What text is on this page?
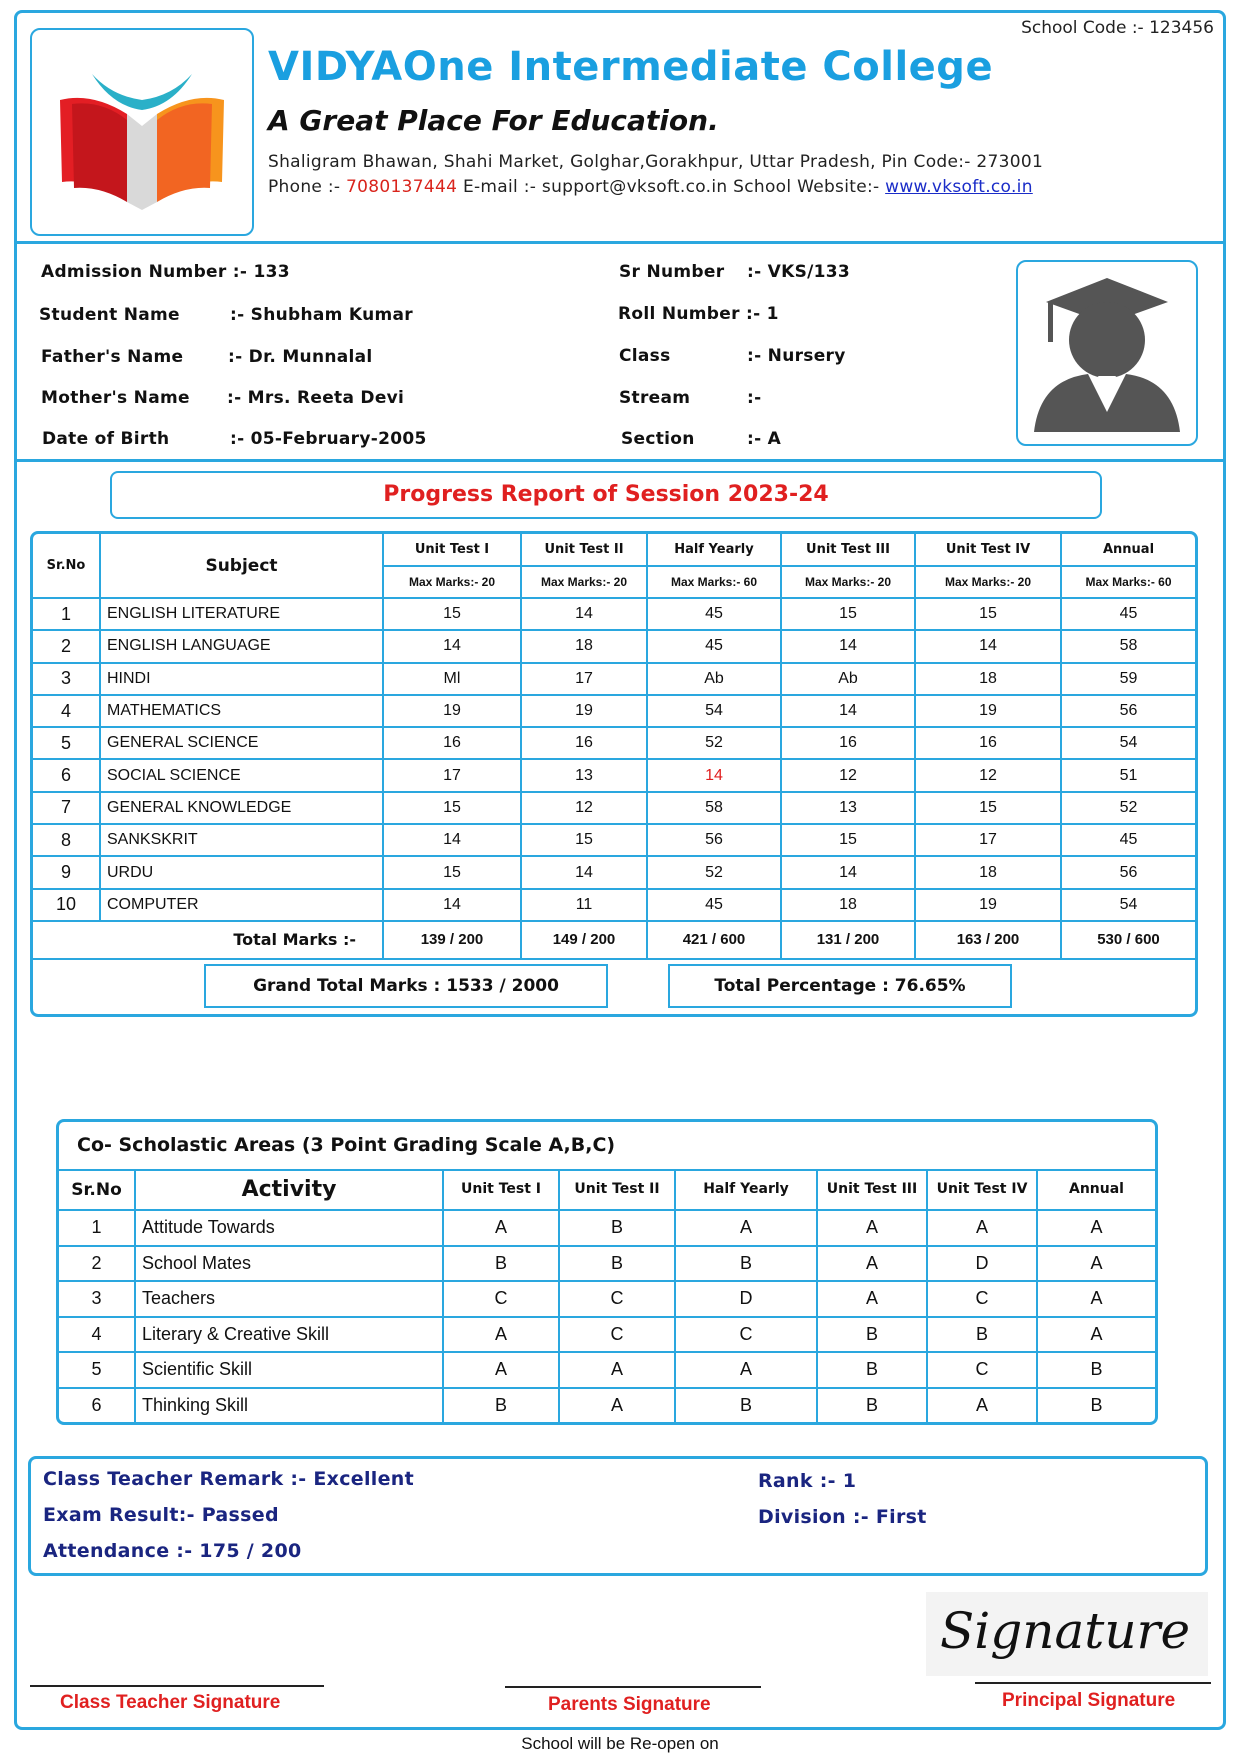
School Code :- 123456
VIDYAOne Intermediate College
A Great Place For Education.
Shaligram Bhawan, Shahi Market, Golghar,Gorakhpur, Uttar Pradesh, Pin Code:- 273001
Phone :- 7080137444 E-mail :- support@vksoft.co.in School Website:- www.vksoft.co.in
Admission Number :- 133
Student Name	:- Shubham Kumar
Father's Name	:- Dr. Munnalal
Mother's Name :- Mrs. Reeta Devi
Date of Birth	:- 05-February-2005
Sr Number :- VKS/133
Roll Number :- 1
Class	:- Nursery
Stream	:-
Section	:- A
Progress Report of Session 2023-24
Sr.No	Subject	Unit Test I	Unit Test II	Half Yearly	Unit Test III	Unit Test IV	Annual
		Max Marks:- 20	Max Marks:- 20	Max Marks:- 60	Max Marks:- 20	Max Marks:- 20	Max Marks:- 60
1	ENGLISH LITERATURE	15	14	45	15	15	45
2	ENGLISH LANGUAGE	14	18	45	14	14	58
3	HINDI	Ml	17	Ab	Ab	18	59
4	MATHEMATICS	19	19	54	14	19	56
5	GENERAL SCIENCE	16	16	52	16	16	54
6	SOCIAL SCIENCE	17	13	14	12	12	51
7	GENERAL KNOWLEDGE	15	12	58	13	15	52
8	SANKSKRIT	14	15	56	15	17	45
9	URDU	15	14	52	14	18	56
10	COMPUTER	14	11	45	18	19	54
Total Marks :-		139 / 200	149 / 200	421 / 600	131 / 200	163 / 200	530 / 600
Grand Total Marks : 1533 / 2000	Total Percentage : 76.65%
Co- Scholastic Areas (3 Point Grading Scale A,B,C)
Sr.No	Activity	Unit Test I	Unit Test II	Half Yearly	Unit Test III	Unit Test IV	Annual
1	Attitude Towards	A	B	A	A	A	A
2	School Mates	B	B	B	A	D	A
3	Teachers	C	C	D	A	C	A
4	Literary & Creative Skill	A	C	C	B	B	A
5	Scientific Skill	A	A	A	B	C	B
6	Thinking Skill	B	A	B	B	A	B
Class Teacher Remark :- Excellent
Exam Result:- Passed
Attendance :- 175 / 200
Rank :- 1
Division :- First
Signature
Class Teacher Signature	Parents Signature	Principal Signature
School will be Re-open on
